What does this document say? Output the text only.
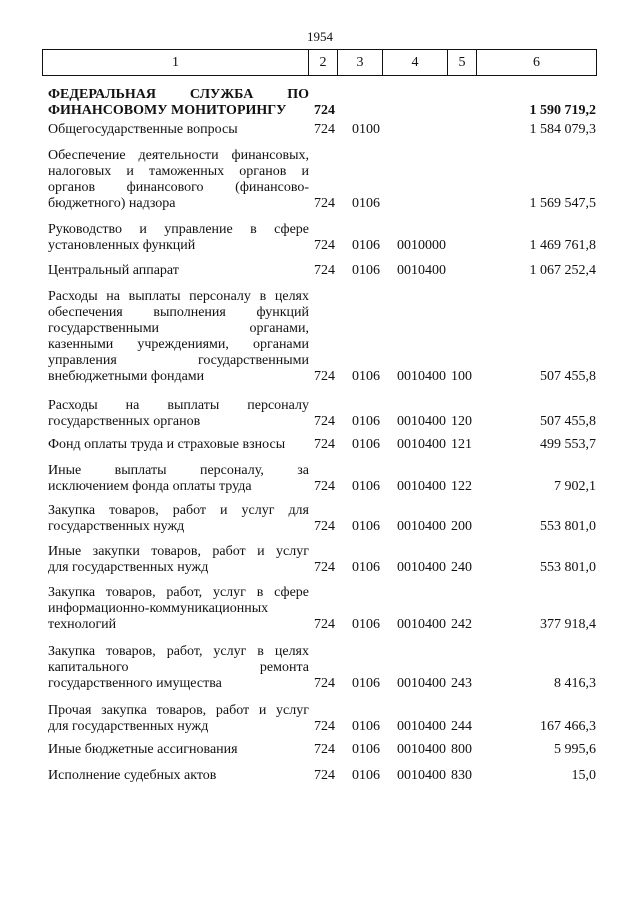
1954
1	2	3	4	5	6
ФЕДЕРАЛЬНАЯ СЛУЖБА ПО
ФИНАНСОВОМУ МОНИТОРИНГУ	724	1 590 719,2
Общегосударственные вопросы	724 0100	1 584 079,3
Обеспечение деятельности финансовых,
налоговых и таможенных органов и
органов финансового (финансово-
бюджетного) надзора	724 0106	1 569 547,5
Руководство и управление в сфере
установленных функций	724 0106 0010000	1 469 761,8
Центральный аппарат	724 0106 0010400	1 067 252,4
Расходы на выплаты персоналу в целях
обеспечения выполнения функций
государственными органами,
казенными учреждениями, органами
управления государственными
внебюджетными фондами	724 0106 0010400 100	507 455,8
Расходы на выплаты персоналу
государственных органов	724 0106 0010400 120	507 455,8
Фонд оплаты труда и страховые взносы	724 0106 0010400 121	499 553,7
Иные выплаты персоналу, за
исключением фонда оплаты труда	724 0106 0010400 122	7 902,1
Закупка товаров, работ и услуг для
государственных нужд	724 0106 0010400 200	553 801,0
Иные закупки товаров, работ и услуг
для государственных нужд	724 0106 0010400 240	553 801,0
Закупка товаров, работ, услуг в сфере
информационно-коммуникационных
технологий	724 0106 0010400 242	377 918,4
Закупка товаров, работ, услуг в целях
капитального ремонта
государственного имущества	724 0106 0010400 243	8 416,3
Прочая закупка товаров, работ и услуг
для государственных нужд	724 0106 0010400 244	167 466,3
Иные бюджетные ассигнования	724 0106 0010400 800	5 995,6
Исполнение судебных актов	724 0106 0010400 830	15,0
